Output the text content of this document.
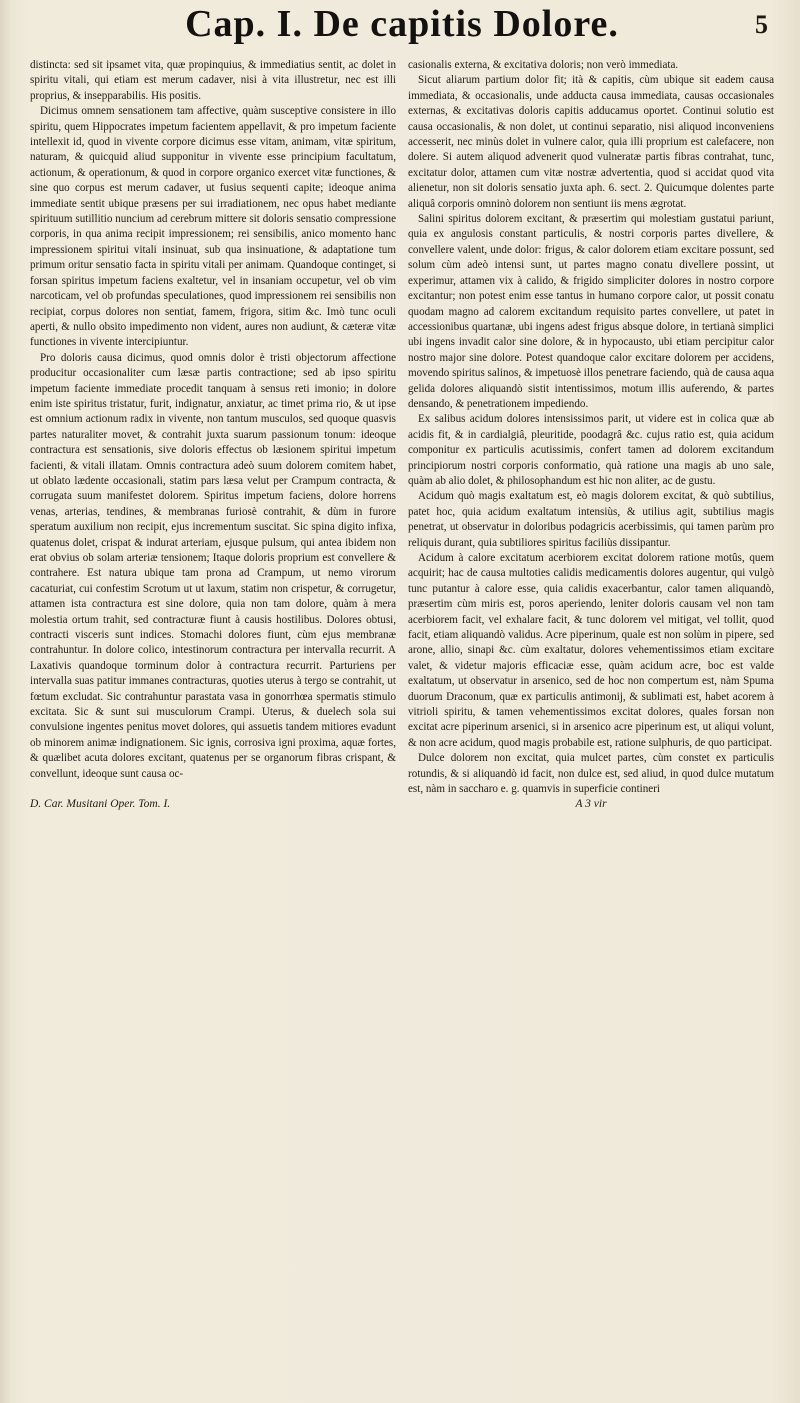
Cap. I. De capitis Dolore.	5

distincta: sed sit ipsamet vita, quæ propinquius, & immediatius sentit, ac dolet in spiritu vitali, qui etiam est merum cadaver, nisi à vita illustretur, nec est illi proprius, & insepparabilis. His positis.

Dicimus omnem sensationem tam affective, quàm susceptive consistere in illo spiritu, quem Hippocrates impetum facientem appellavit, & pro impetum faciente intellexit id, quod in vivente corpore dicimus esse vitam, animam, vitæ spiritum, naturam, & quicquid aliud supponitur in vivente esse principium facultatum, actionum, & operationum, & quod in corpore organico exercet vitæ functiones, & sine quo corpus est merum cadaver, ut fusius sequenti capite; ideoque anima immediate sentit ubique præsens per sui irradiationem, nec opus habet mediante spirituum sutillitio nuncium ad cerebrum mittere sit doloris sensatio compressione corporis, in qua anima recipit impressionem; rei sensibilis, anico momento hanc impressionem spiritui vitali insinuat, sub qua insinuatione, & adaptatione tum primum oritur sensatio facta in spiritu vitali per animam. Quandoque continget, si forsan spiritus impetum faciens exaltetur, vel in insaniam occupetur, vel ob vim narcoticam, vel ob profundas speculationes, quod impressionem rei sensibilis non recipiat, corpus dolores non sentiat, famem, frigora, sitim &c. Imò tunc oculi aperti, & nullo obsito impedimento non vident, aures non audiunt, & cæteræ vitæ functiones in vivente intercipiuntur.

Pro doloris causa dicimus, quod omnis dolor è tristi objectorum affectione producitur occasionaliter cum læsæ partis contractione; sed ab ipso spiritu impetum faciente immediate procedit tanquam à sensus reti imonio; in dolore enim iste spiritus tristatur, furit, indignatur, anxiatur, ac timet prima rio, & ut ipse est omnium actionum radix in vivente, non tantum musculos, sed quoque quasvis partes naturaliter movet, & contrahit juxta suarum passionum tonum: ideoque contractura est sensationis, sive doloris effectus ob læsionem spiritui impetum facienti, & vitali illatam. Omnis contractura adeò suum dolorem comitem habet, ut oblato lædente occasionali, statim pars læsa velut per Crampum contracta, & corrugata suum manifestet dolorem. Spiritus impetum faciens, dolore horrens venas, arterias, tendines, & membranas furiosè contrahit, & dùm in furore speratum auxilium non recipit, ejus incrementum suscitat. Sic spina digito infixa, quatenus dolet, crispat & indurat arteriam, ejusque pulsum, qui antea ibidem non erat obvius ob solam arteriæ tensionem; Itaque doloris proprium est convellere & contrahere. Est natura ubique tam prona ad Crampum, ut nemo virorum cacaturiat, cui confestim Scrotum ut ut laxum, statim non crispetur, & corrugetur, attamen ista contractura est sine dolore, quia non tam dolore, quàm à mera molestia ortum trahit, sed contracturæ fiunt à causis hostilibus. Dolores obtusi, contracti visceris sunt indices. Stomachi dolores fiunt, cùm ejus membranæ contrahuntur. In dolore colico, intestinorum contractura per intervalla recurrit. A Laxativis quandoque torminum dolor à contractura recurrit. Parturiens per intervalla suas patitur immanes contracturas, quoties uterus à tergo se contrahit, ut fœtum excludat. Sic contrahuntur parastata vasa in gonorrhœa spermatis stimulo excitata. Sic & sunt sui musculorum Crampi. Uterus, & duelech sola sui convulsione ingentes penitus movet dolores, qui assuetis tandem mitiores evadunt ob minorem animæ indignationem. Sic ignis, corrosiva igni proxima, aquæ fortes, & quælibet acuta dolores excitant, quatenus per se organorum fibras crispant, & convellunt, ideoque sunt causa oc-

casionalis externa, & excitativa doloris; non verò immediata.

Sicut aliarum partium dolor fit; ità & capitis, cùm ubique sit eadem causa immediata, & occasionalis, unde adducta causa immediata, causas occasionales externas, & excitativas doloris capitis adducamus oportet. Continui solutio est causa occasionalis, & non dolet, ut continui separatio, nisi aliquod inconveniens accesserit, nec minùs dolet in vulnere calor, quia illi proprium est calefacere, non dolere. Si autem aliquod advenerit quod vulneratæ partis fibras contrahat, tunc, excitatur dolor, attamen cum vitæ nostræ advertentia, quod si accidat quod vita alienetur, non sit doloris sensatio juxta aph. 6. sect. 2. Quicumque dolentes parte aliquâ corporis omninò dolorem non sentiunt iis mens ægrotat.

Salini spiritus dolorem excitant, & præsertim qui molestiam gustatui pariunt, quia ex angulosis constant particulis, & nostri corporis partes divellere, & convellere valent, unde dolor: frigus, & calor dolorem etiam excitare possunt, sed solum cùm adeò intensi sunt, ut partes magno conatu divellere possint, ut experimur, attamen vix à calido, & frigido simpliciter dolores in nostro corpore excitantur; non potest enim esse tantus in humano corpore calor, ut possit conatu quodam magno ad calorem excitandum requisito partes convellere, ut patet in accessionibus quartanæ, ubi ingens adest frigus absque dolore, in tertianà simplici ubi ingens invadit calor sine dolore, & in hypocausto, ubi etiam percipitur calor nostro major sine dolore. Potest quandoque calor excitare dolorem per accidens, movendo spiritus salinos, & impetuosè illos penetrare faciendo, quà de causa aqua gelida dolores aliquandò sistit intentissimos, motum illis auferendo, & partes densando, & penetrationem impediendo.

Ex salibus acidum dolores intensissimos parit, ut videre est in colica quæ ab acidis fit, & in cardialgiâ, pleuritide, poodagrâ &c. cujus ratio est, quia acidum componitur ex particulis acutissimis, confert tamen ad dolorem excitandum principiorum nostri corporis conformatio, quà ratione una magis ab uno sale, quàm ab alio dolet, & philosophandum est hic non aliter, ac de gustu.

Acidum quò magis exaltatum est, eò magis dolorem excitat, & quò subtilius, patet hoc, quia acidum exaltatum intensiùs, & utilius agit, subtilius magis penetrat, ut observatur in doloribus podagricis acerbissimis, qui tamen parùm pro reliquis durant, quia subtiliores spiritus faciliùs dissipantur.

Acidum à calore excitatum acerbiorem excitat dolorem ratione motûs, quem acquirit; hac de causa multoties calidis medicamentis dolores augentur, qui vulgò tunc putantur à calore esse, quia calidis exacerbantur, calor tamen aliquandò, præsertim cùm miris est, poros aperiendo, leniter doloris causam vel non tam acerbiorem facit, vel exhalare facit, & tunc dolorem vel mitigat, vel tollit, quod facit, etiam aliquandò validus. Acre piperinum, quale est non solùm in pipere, sed arone, allio, sinapi &c. cùm exaltatur, dolores vehementissimos etiam excitare valet, & videtur majoris efficaciæ esse, quàm acidum acre, boc est valde exaltatum, ut observatur in arsenico, sed de hoc non compertum est, nàm Spuma duorum Draconum, quæ ex particulis antimonij, & sublimati est, habet acorem à vitrioli spiritu, & tamen vehementissimos excitat dolores, quales forsan non excitat acre piperinum arsenici, si in arsenico acre piperinum est, ut aliqui volunt, & non acre acidum, quod magis probabile est, ratione sulphuris, de quo participat.

Dulce dolorem non excitat, quia mulcet partes, cùm constet ex particulis rotundis, & si aliquandò id facit, non dulce est, sed aliud, in quod dulce mutatum est, nàm in saccharo e. g. quamvis in superficie contineri

D. Car. Musitani Oper. Tom. I.	A 3 vir
